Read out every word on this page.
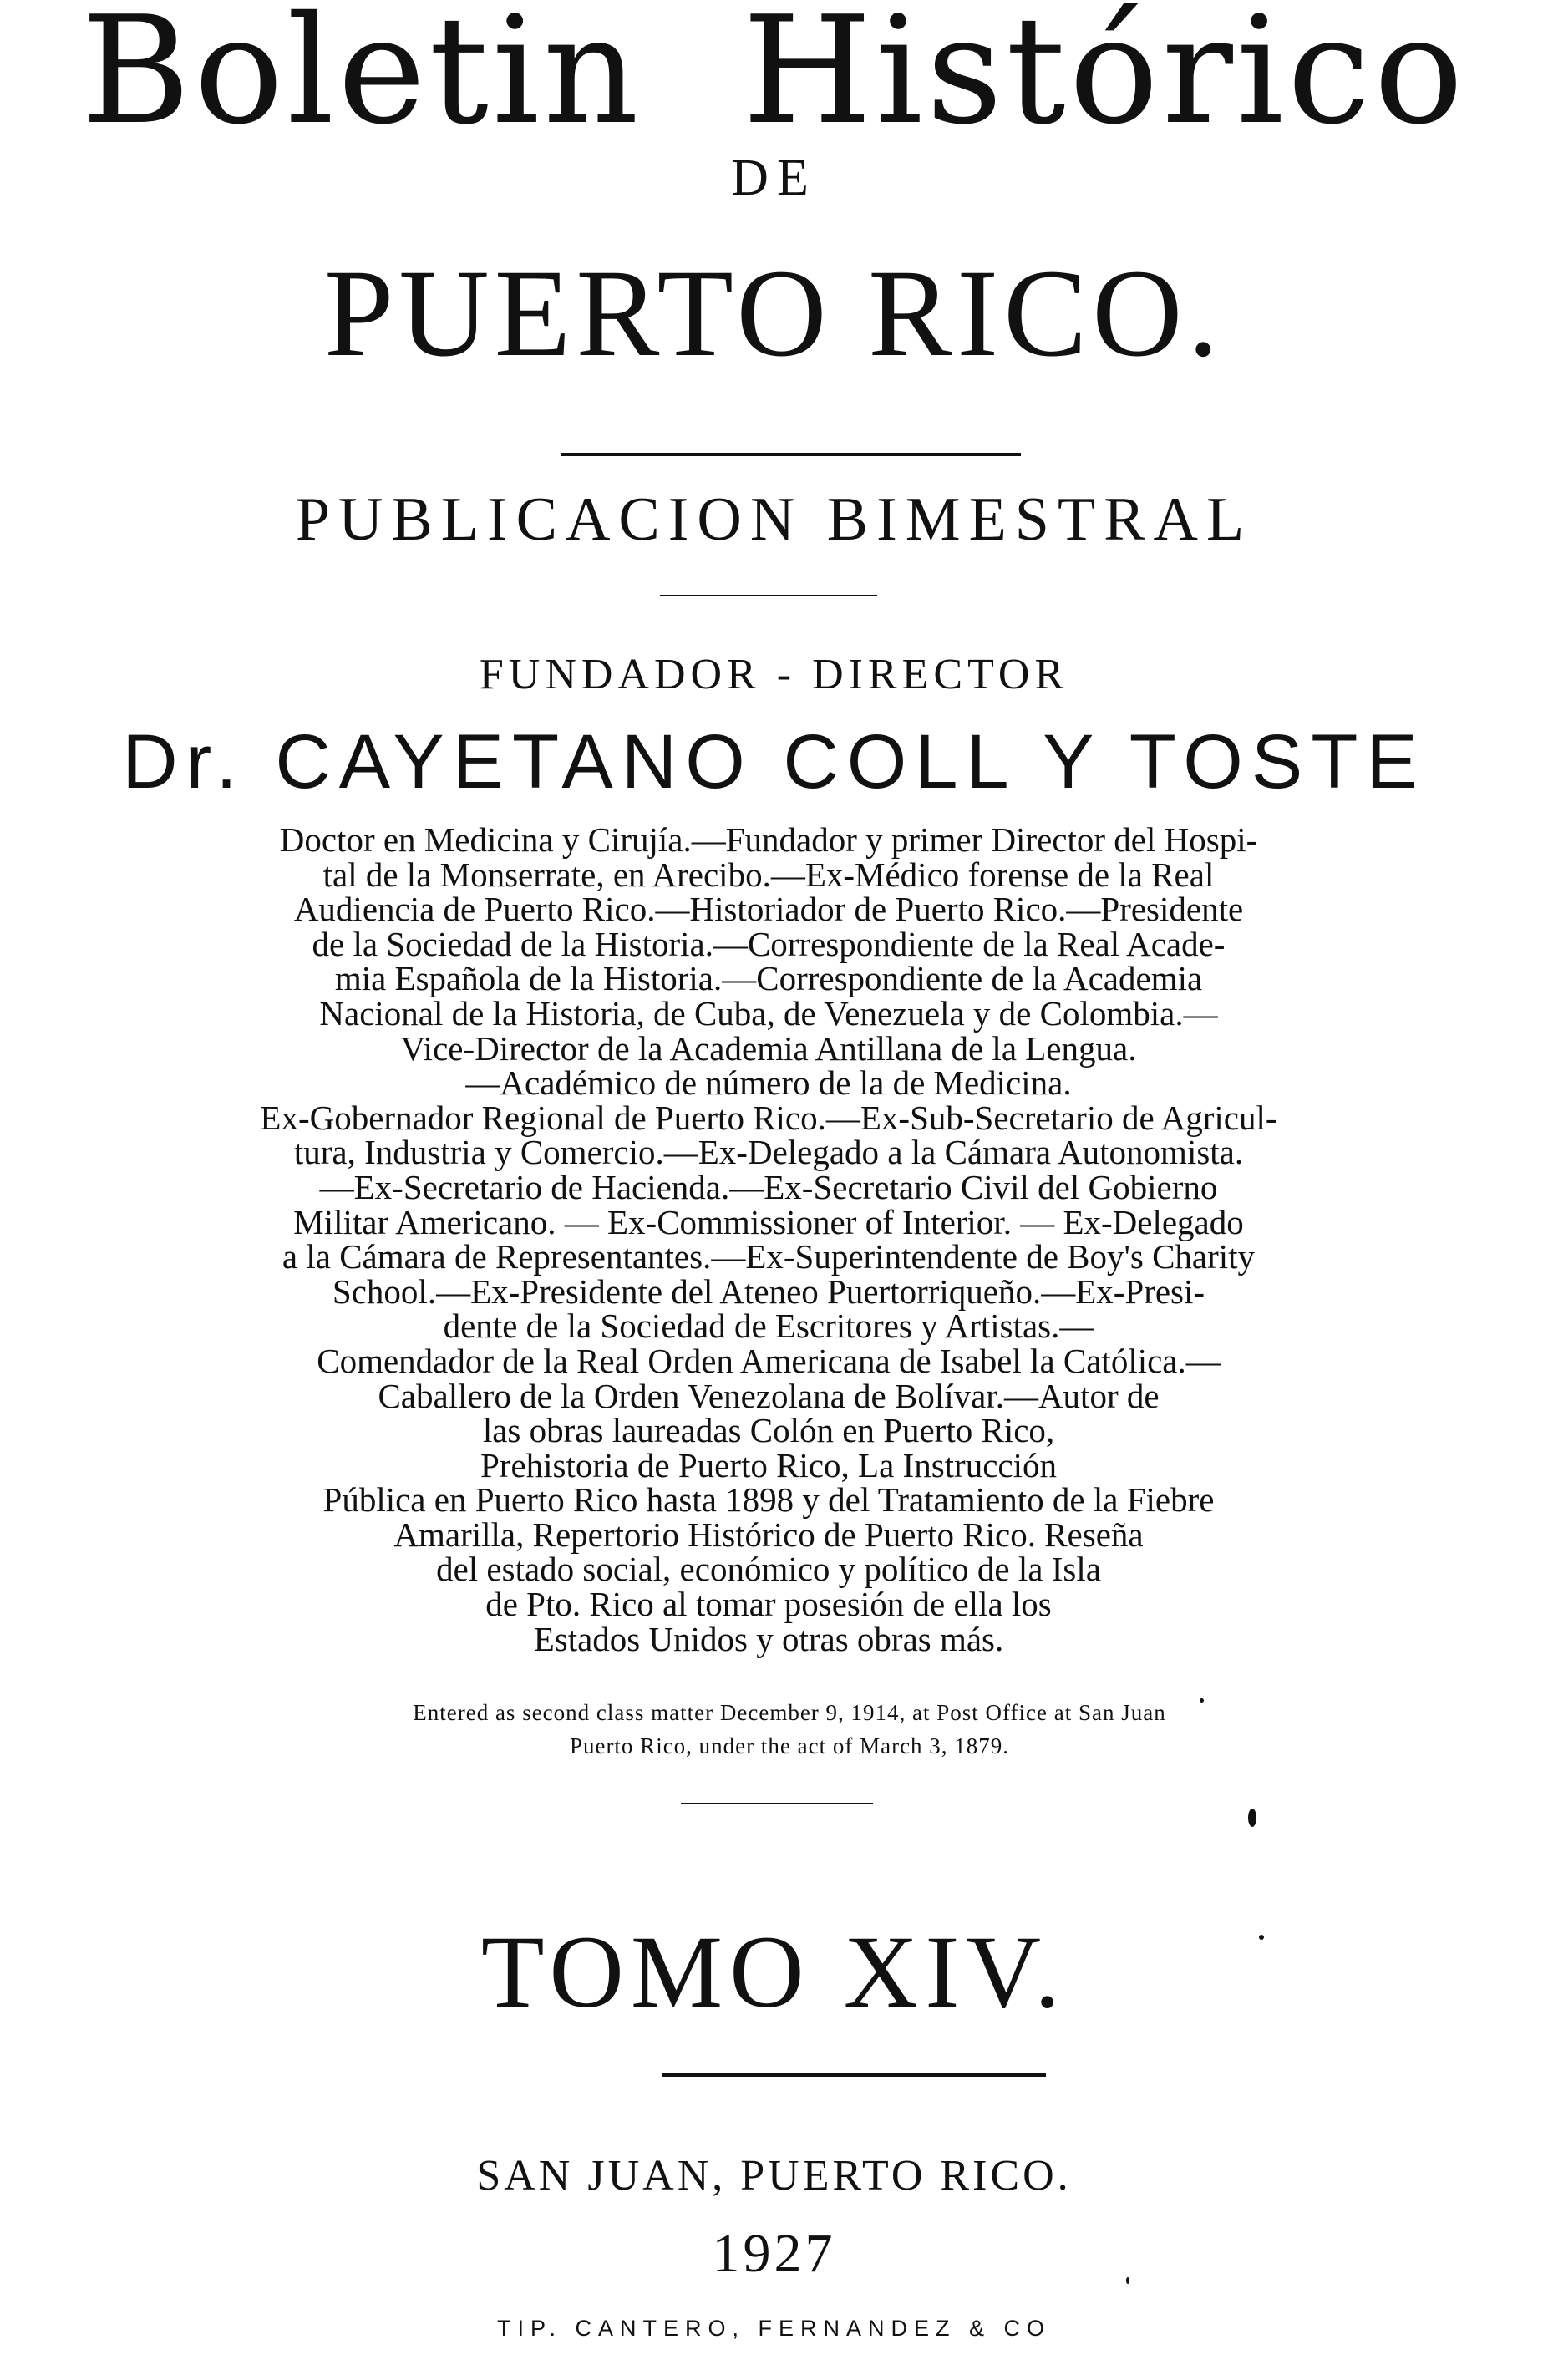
Boletin Histórico
DE
PUERTO RICO.
PUBLICACION BIMESTRAL
FUNDADOR - DIRECTOR
Dr. CAYETANO COLL Y TOSTE
Doctor en Medicina y Cirujía.—Fundador y primer Director del Hospi-
tal de la Monserrate, en Arecibo.—Ex-Médico forense de la Real
Audiencia de Puerto Rico.—Historiador de Puerto Rico.—Presidente
de la Sociedad de la Historia.—Correspondiente de la Real Acade-
mia Española de la Historia.—Correspondiente de la Academia
Nacional de la Historia, de Cuba, de Venezuela y de Colombia.—
Vice-Director de la Academia Antillana de la Lengua.
—Académico de número de la de Medicina.
Ex-Gobernador Regional de Puerto Rico.—Ex-Sub-Secretario de Agricul-
tura, Industria y Comercio.—Ex-Delegado a la Cámara Autonomista.
—Ex-Secretario de Hacienda.—Ex-Secretario Civil del Gobierno
Militar Americano. — Ex-Commissioner of Interior. — Ex-Delegado
a la Cámara de Representantes.—Ex-Superintendente de Boy's Charity
School.—Ex-Presidente del Ateneo Puertorriqueño.—Ex-Presi-
dente de la Sociedad de Escritores y Artistas.—
Comendador de la Real Orden Americana de Isabel la Católica.—
Caballero de la Orden Venezolana de Bolívar.—Autor de
las obras laureadas Colón en Puerto Rico,
Prehistoria de Puerto Rico, La Instrucción
Pública en Puerto Rico hasta 1898 y del Tratamiento de la Fiebre
Amarilla, Repertorio Histórico de Puerto Rico. Reseña
del estado social, económico y político de la Isla
de Pto. Rico al tomar posesión de ella los
Estados Unidos y otras obras más.
Entered as second class matter December 9, 1914, at Post Office at San Juan
Puerto Rico, under the act of March 3, 1879.
TOMO XIV.
SAN JUAN, PUERTO RICO.
1927
TIP. CANTERO, FERNANDEZ & CO
